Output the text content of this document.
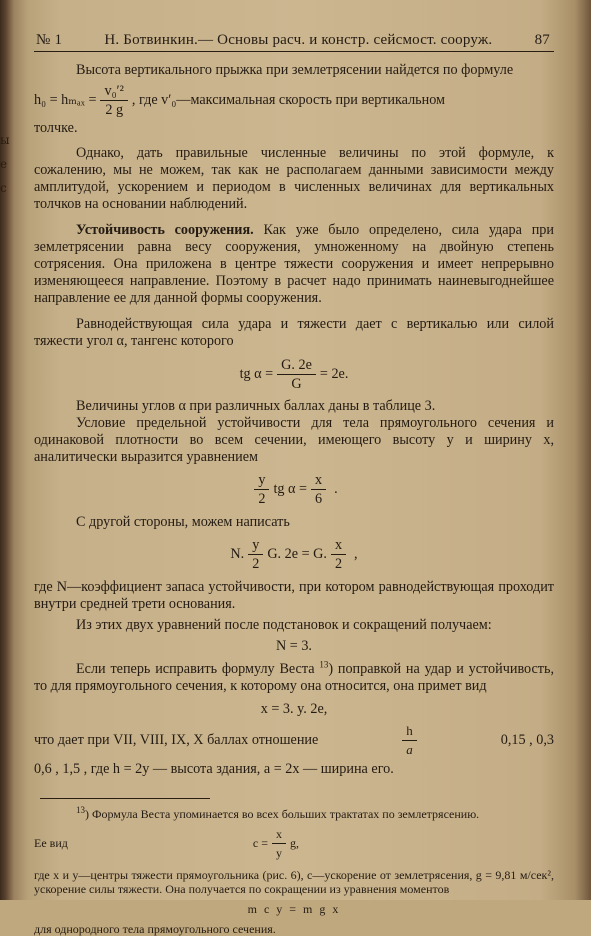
ы
е
с
№ 1	Н. Ботвинкин.— Основы расч. и констр. сейсмост. сооруж.	87

Высота вертикального прыжка при землетрясении найдется по формуле

$h_0 = h_{max} = \frac{\text{v₀′²}}{2 g}$ , где v′₀—максимальная скорость при вертикальном

толчке.

Однако, дать правильные численные величины по этой формуле, к сожалению, мы не можем, так как не располагаем данными зависимости между амплитудой, ускорением и периодом в численных величинах для вертикальных толчков на основании наблюдений.

Устойчивость сооружения. Как уже было определено, сила удара при землетрясении равна весу сооружения, умноженному на двойную степень сотрясения. Она приложена в центре тяжести сооружения и имеет непрерывно изменяющееся направление. Поэтому в расчет надо принимать наиневыгоднейшее направление ее для данной формы сооружения.

Равнодействующая сила удара и тяжести дает с вертикалью или силой тяжести угол α, тангенс которого

tg $\alpha = \frac{G. 2e}{G} = 2e$.

Величины углов α при различных баллах даны в таблице 3.

Условие предельной устойчивости для тела прямоугольного сечения и одинаковой плотности во всем сечении, имеющего высоту y и ширину x, аналитически выразится уравнением

$\frac{y}{2}$ tg $\alpha = \frac{x}{6}$ .

С другой стороны, можем написать

N. $\frac{y}{2} G$. 2e = G. $\frac{x}{2}$ ,

где N—коэффициент запаса устойчивости, при котором равнодействующая проходит внутри средней трети основания.

Из этих двух уравнений после подстановок и сокращений получаем:

N = 3.

Если теперь исправить формулу Веста $^{13}$) поправкой на удар и устойчивость, то для прямоугольного сечения, к которому она относится, она примет вид

x = 3. y. 2e,
что дает при VII, VIII, IX, X баллах отношение	$\frac{h}{a}$	0,15 , 0,3

0,6 , 1,5 , где h = 2y — высота здания, a = 2x — ширина его.

$^{13}$) Формула Веста упоминается во всех больших трактатах по землетрясению.

Ее вид	$c = \frac{x}{y} g$,

где x и y—центры тяжести прямоугольника (рис. 6), c—ускорение от землетрясения, g = 9,81 м/сек², ускорение силы тяжести. Она получается по сокращении из уравнения моментов

m c y = m g x

для однородного тела прямоугольного сечения.
